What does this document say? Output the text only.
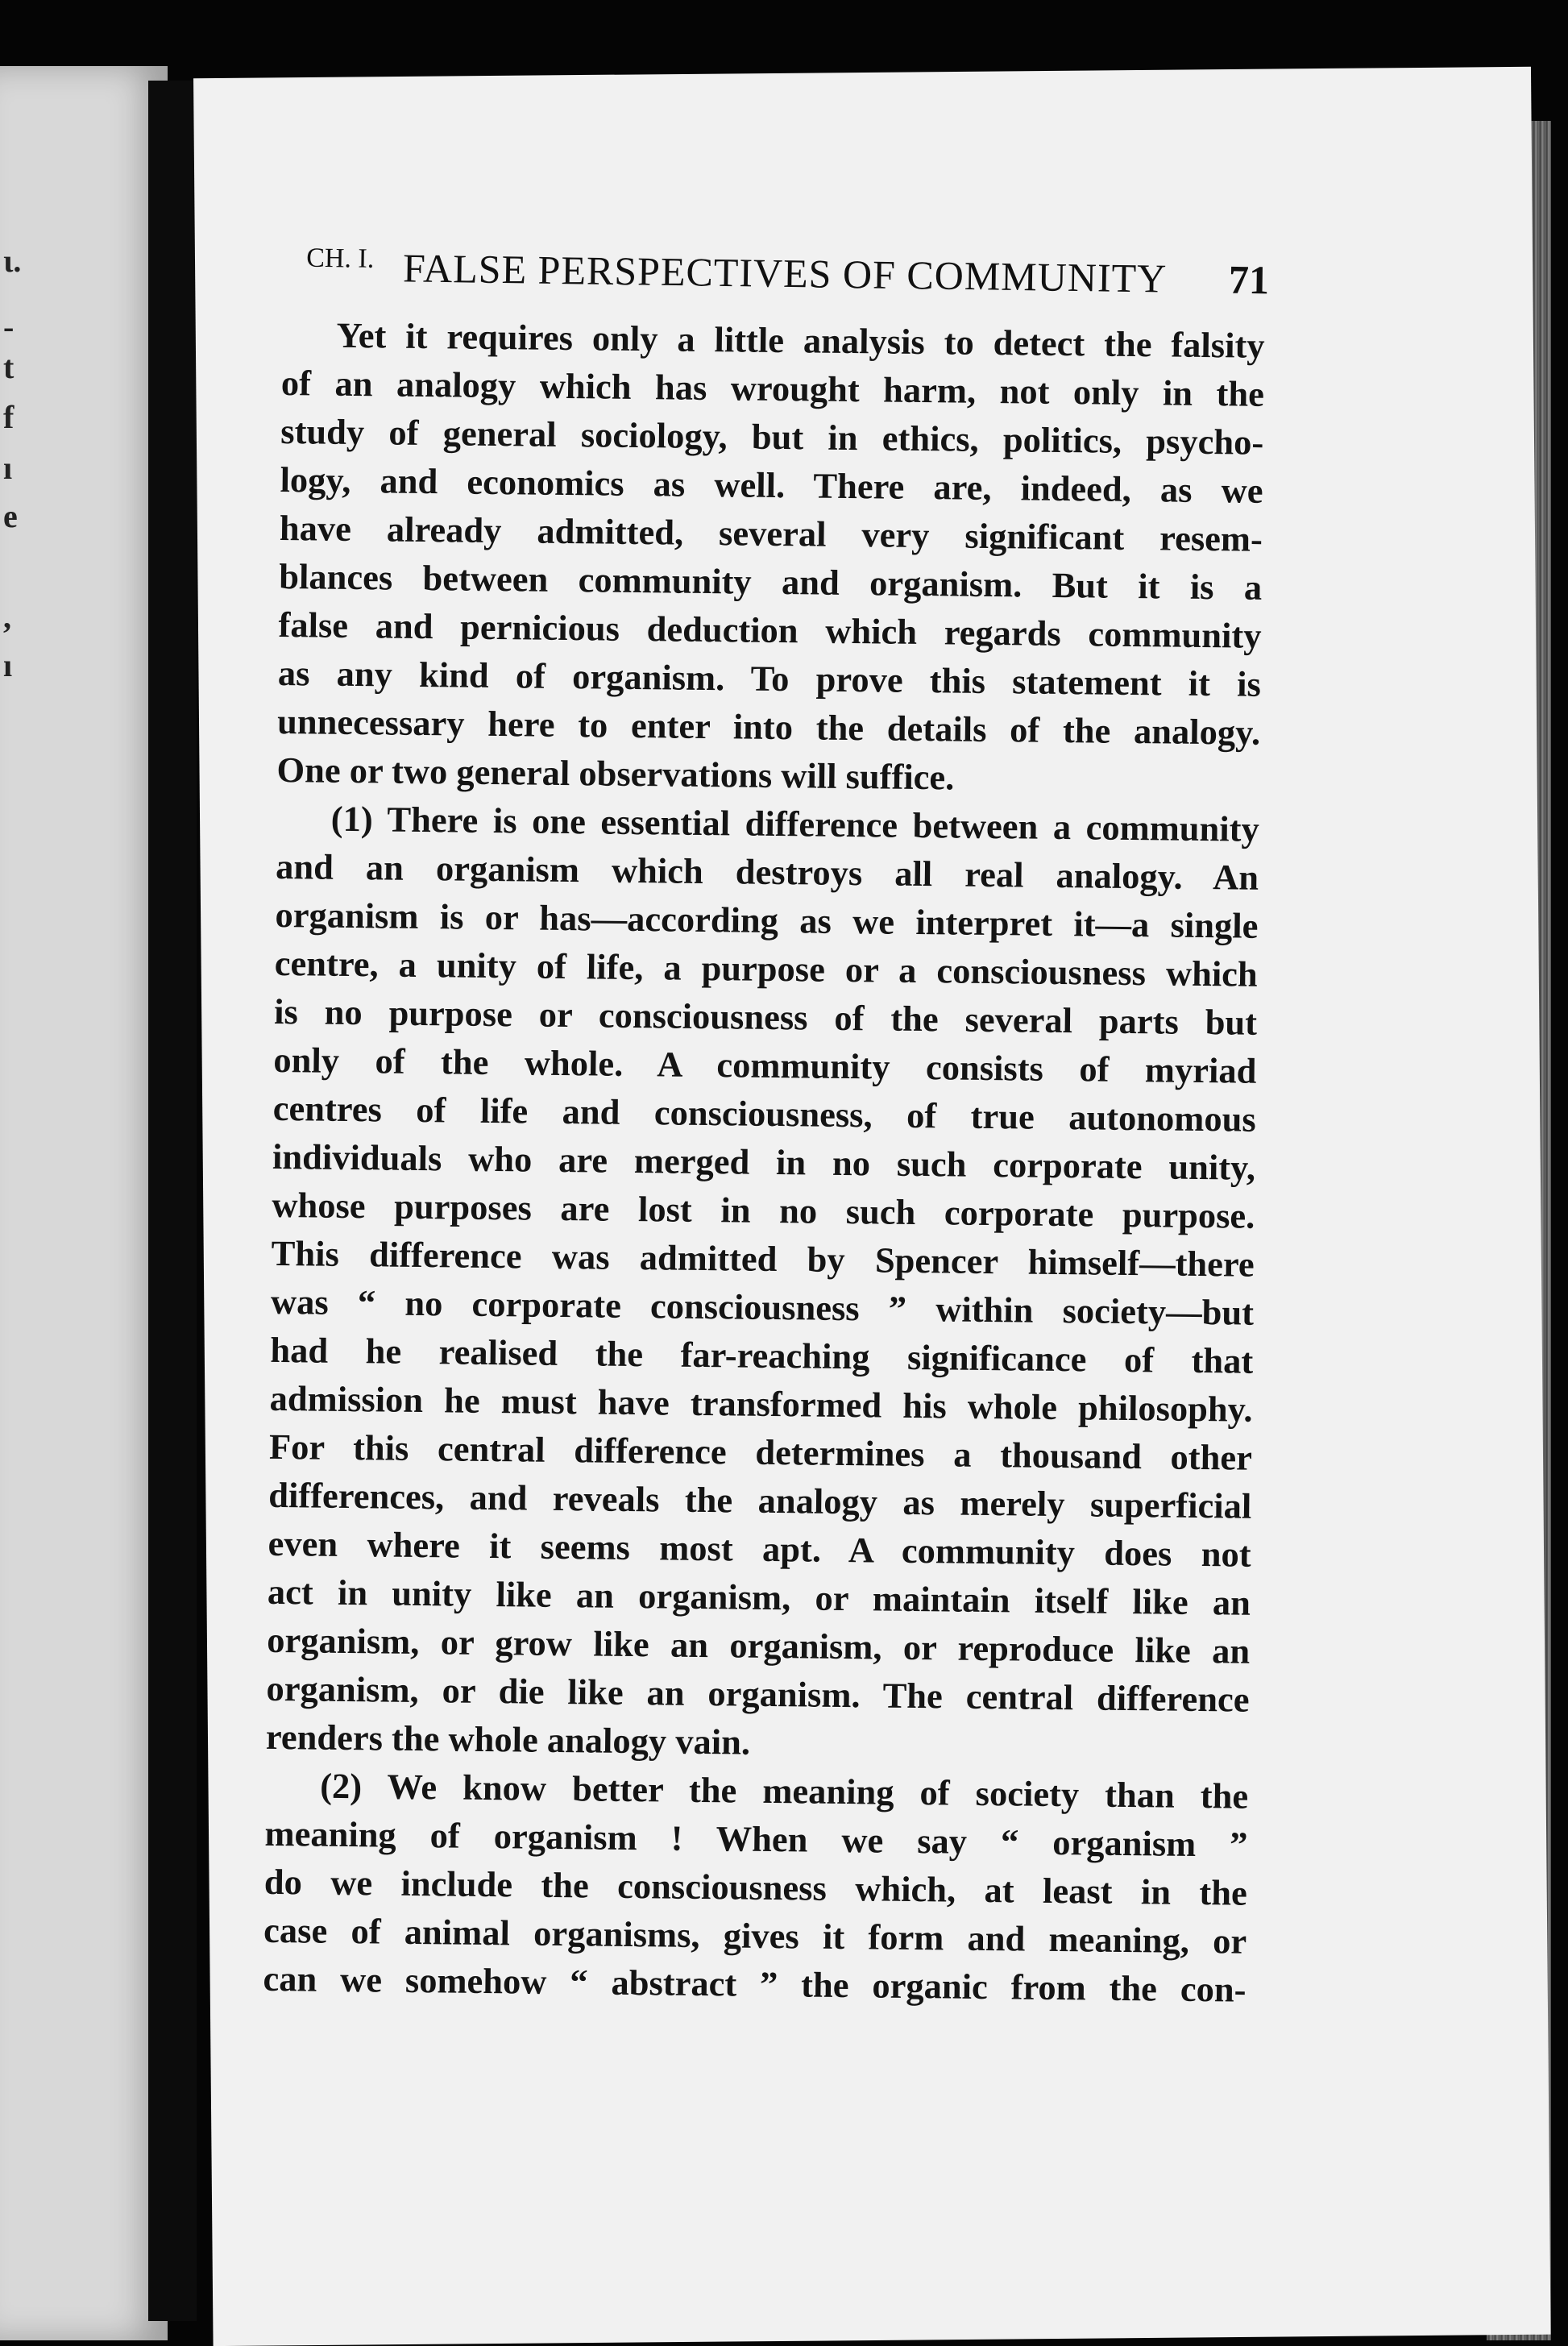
ι.
-
t
f
ı
e
,
ı
CH. I. FALSE PERSPECTIVES OF COMMUNITY 71
Yet it requires only a little analysis to detect the falsity
of an analogy which has wrought harm, not only in the
study of general sociology, but in ethics, politics, psycho-
logy, and economics as well. There are, indeed, as we
have already admitted, several very significant resem-
blances between community and organism. But it is a
false and pernicious deduction which regards community
as any kind of organism. To prove this statement it is
unnecessary here to enter into the details of the analogy.
One or two general observations will suffice.
(1) There is one essential difference between a community
and an organism which destroys all real analogy. An
organism is or has—according as we interpret it—a single
centre, a unity of life, a purpose or a consciousness which
is no purpose or consciousness of the several parts but
only of the whole. A community consists of myriad
centres of life and consciousness, of true autonomous
individuals who are merged in no such corporate unity,
whose purposes are lost in no such corporate purpose.
This difference was admitted by Spencer himself—there
was “ no corporate consciousness ” within society—but
had he realised the far-reaching significance of that
admission he must have transformed his whole philosophy.
For this central difference determines a thousand other
differences, and reveals the analogy as merely superficial
even where it seems most apt. A community does not
act in unity like an organism, or maintain itself like an
organism, or grow like an organism, or reproduce like an
organism, or die like an organism. The central difference
renders the whole analogy vain.
(2) We know better the meaning of society than the
meaning of organism ! When we say “ organism ”
do we include the consciousness which, at least in the
case of animal organisms, gives it form and meaning, or
can we somehow “ abstract ” the organic from the con-
